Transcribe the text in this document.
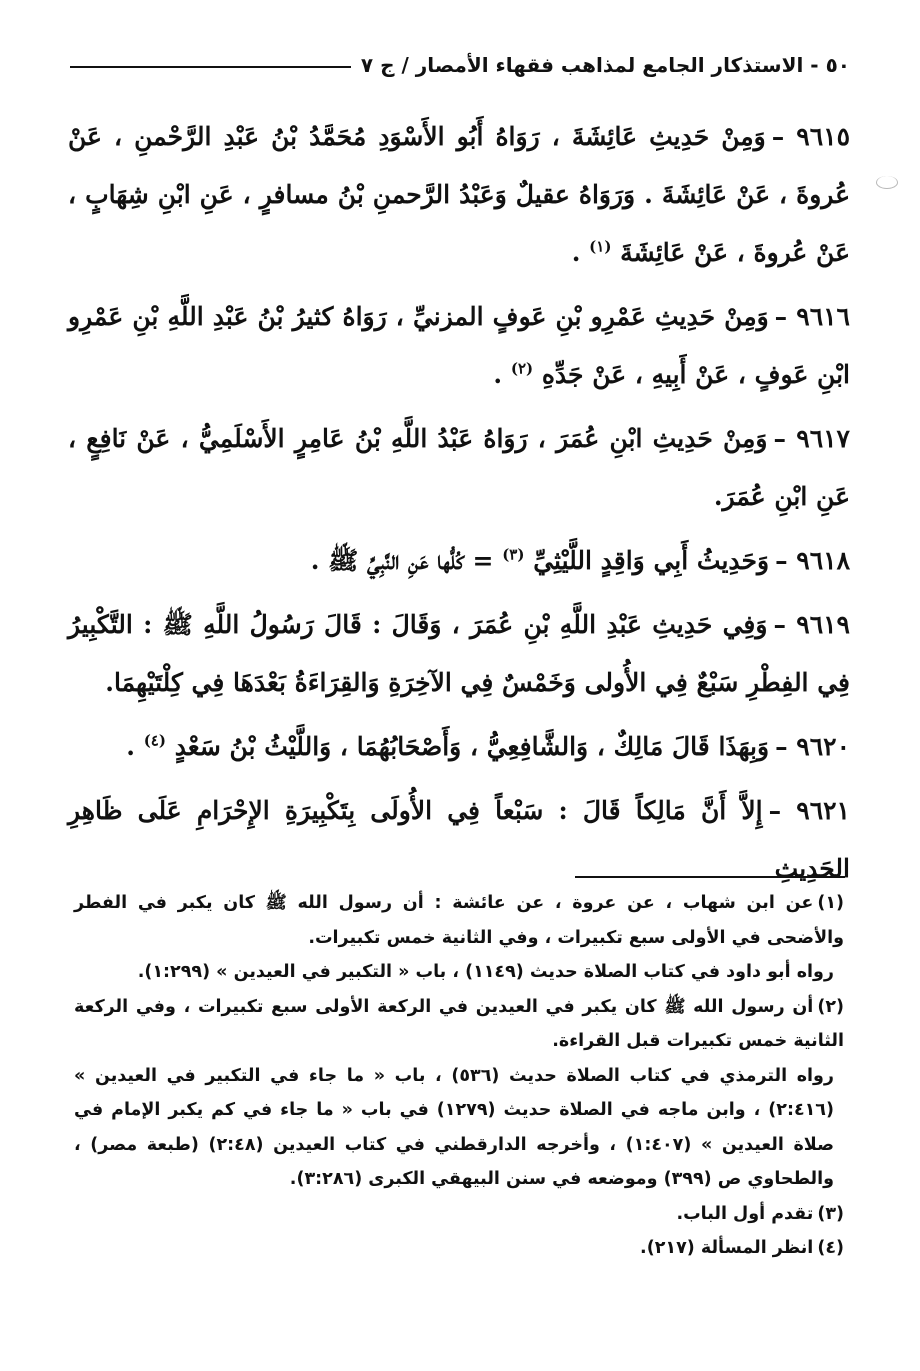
٥٠ - الاستذكار الجامع لمذاهب فقهاء الأمصار / ج ٧

٩٦١٥ –وَمِنْ حَدِيثِ عَائِشَةَ ، رَوَاهُ أَبُو الأَسْوَدِ مُحَمَّدُ بْنُ عَبْدِ الرَّحْمنِ ، عَنْ عُروةَ ، عَنْ عَائِشَةَ . وَرَوَاهُ عقيلٌ وَعَبْدُ الرَّحمنِ بْنُ مسافرٍ ، عَنِ ابْنِ شِهَابٍ ، عَنْ عُروةَ ، عَنْ عَائِشَةَ $^{(١)}$ .

٩٦١٦ –وَمِنْ حَدِيثِ عَمْرِو بْنِ عَوفٍ المزنيِّ ، رَوَاهُ كثيرُ بْنُ عَبْدِ اللَّهِ بْنِ عَمْرِو ابْنِ عَوفٍ ، عَنْ أَبِيهِ ، عَنْ جَدِّهِ $^{(٢)}$ .

٩٦١٧ –وَمِنْ حَدِيثِ ابْنِ عُمَرَ ، رَوَاهُ عَبْدُ اللَّهِ بْنُ عَامِرٍ الأَسْلَمِيُّ ، عَنْ نَافِعٍ ، عَنِ ابْنِ عُمَرَ.

٩٦١٨ –وَحَدِيثُ أَبِي وَاقِدٍ اللَّيْثِيِّ $^{(٣)}$ = كُلُّها عَنِ النَّبِيِّ ﷺ .

٩٦١٩ –وَفِي حَدِيثِ عَبْدِ اللَّهِ بْنِ عُمَرَ ، وَقَالَ : قَالَ رَسُولُ اللَّهِ ﷺ : التَّكْبِيرُ فِي الفِطْرِ سَبْعٌ فِي الأُولى وَخَمْسٌ فِي الآخِرَةِ وَالقِرَاءَةُ بَعْدَهَا فِي كِلْتَيْهِمَا.

٩٦٢٠ –وَبِهَذَا قَالَ مَالِكٌ ، وَالشَّافِعِيُّ ، وَأَصْحَابُهُمَا ، وَاللَّيْثُ بْنُ سَعْدٍ $^{(٤)}$ .

٩٦٢١ –إِلاَّ أَنَّ مَالِكاً قَالَ : سَبْعاً فِي الأُولَى بِتَكْبِيرَةِ الإِحْرَامِ عَلَى ظَاهِرِ الحَدِيثِ

(١)عن ابن شهاب ، عن عروة ، عن عائشة : أن رسول الله ﷺ كان يكبر في الفطر والأضحى في الأولى سبع تكبيرات ، وفي الثانية خمس تكبيرات.

رواه أبو داود في كتاب الصلاة حديث (١١٤٩) ، باب « التكبير في العيدين » (١:٢٩٩).

(٢)أن رسول الله ﷺ كان يكبر في العيدين في الركعة الأولى سبع تكبيرات ، وفي الركعة الثانية خمس تكبيرات قبل القراءة.

رواه الترمذي في كتاب الصلاة حديث (٥٣٦) ، باب « ما جاء في التكبير في العيدين » (٢:٤١٦) ، وابن ماجه في الصلاة حديث (١٢٧٩) في باب « ما جاء في كم يكبر الإمام في صلاة العيدين » (١:٤٠٧) ، وأخرجه الدارقطني في كتاب العيدين (٢:٤٨) (طبعة مصر) ، والطحاوي ص (٣٩٩) وموضعه في سنن البيهقي الكبرى (٣:٢٨٦).

(٣)تقدم أول الباب.

(٤)انظر المسألة (٢١٧).
